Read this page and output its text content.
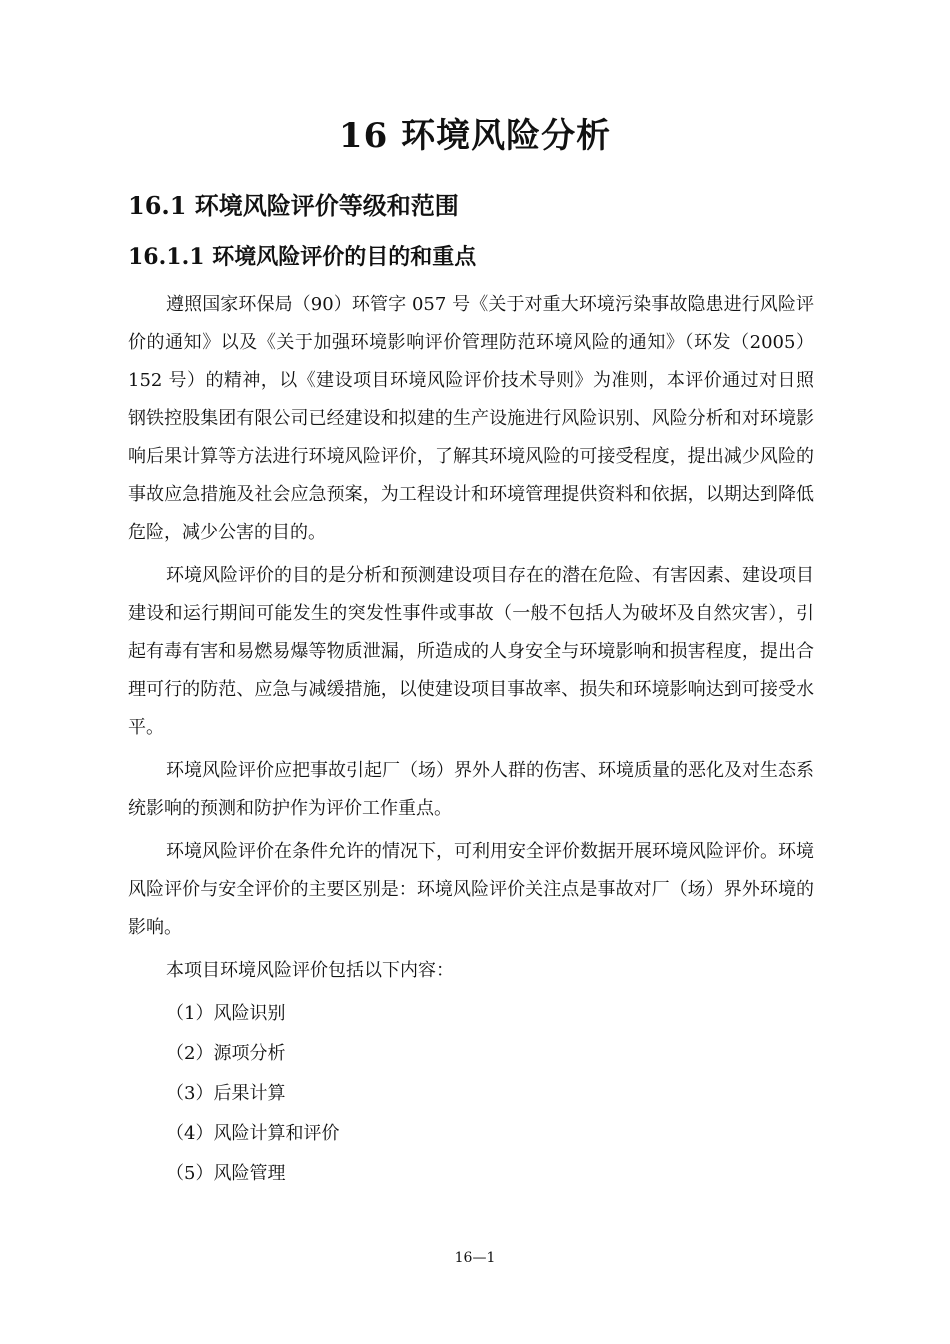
16 环境风险分析
16.1 环境风险评价等级和范围
16.1.1 环境风险评价的目的和重点

遵照国家环保局（90）环管字 057 号《关于对重大环境污染事故隐患进行风险评价的通知》以及《关于加强环境影响评价管理防范环境风险的通知》（环发（2005）152 号）的精神，以《建设项目环境风险评价技术导则》为准则，本评价通过对日照钢铁控股集团有限公司已经建设和拟建的生产设施进行风险识别、风险分析和对环境影响后果计算等方法进行环境风险评价，了解其环境风险的可接受程度，提出减少风险的事故应急措施及社会应急预案，为工程设计和环境管理提供资料和依据，以期达到降低危险，减少公害的目的。

环境风险评价的目的是分析和预测建设项目存在的潜在危险、有害因素、建设项目建设和运行期间可能发生的突发性事件或事故（一般不包括人为破坏及自然灾害），引起有毒有害和易燃易爆等物质泄漏，所造成的人身安全与环境影响和损害程度，提出合理可行的防范、应急与减缓措施，以使建设项目事故率、损失和环境影响达到可接受水平。

环境风险评价应把事故引起厂（场）界外人群的伤害、环境质量的恶化及对生态系统影响的预测和防护作为评价工作重点。

环境风险评价在条件允许的情况下，可利用安全评价数据开展环境风险评价。环境风险评价与安全评价的主要区别是：环境风险评价关注点是事故对厂（场）界外环境的影响。

本项目环境风险评价包括以下内容：

（1）风险识别

（2）源项分析

（3）后果计算

（4）风险计算和评价

（5）风险管理

16—1
